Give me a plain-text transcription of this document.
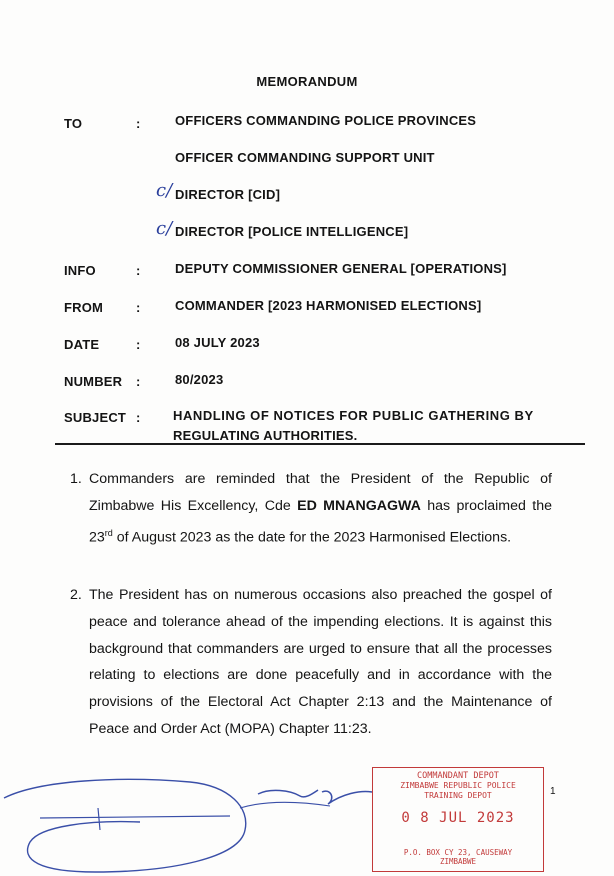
MEMORANDUM
TO	:	OFFICERS COMMANDING POLICE PROVINCES
OFFICER COMMANDING SUPPORT UNIT
c/ DIRECTOR [CID]
c/ DIRECTOR [POLICE INTELLIGENCE]
INFO	:	DEPUTY COMMISSIONER GENERAL [OPERATIONS]
FROM	:	COMMANDER [2023 HARMONISED ELECTIONS]
DATE	:	08 JULY 2023
NUMBER :	80/2023
SUBJECT : HANDLING OF NOTICES FOR PUBLIC GATHERING BY
REGULATING AUTHORITIES.
1. Commanders are reminded that the President of the Republic of Zimbabwe His Excellency, Cde ED MNANGAGWA has proclaimed the 23rd of August 2023 as the date for the 2023 Harmonised Elections.
2. The President has on numerous occasions also preached the gospel of peace and tolerance ahead of the impending elections. It is against this background that commanders are urged to ensure that all the processes relating to elections are done peacefully and in accordance with the provisions of the Electoral Act Chapter 2:13 and the Maintenance of Peace and Order Act (MOPA) Chapter 11:23.
1
COMMANDANT DEPOT
ZIMBABWE REPUBLIC POLICE
TRAINING DEPOT
0 8 JUL 2023
P.O. BOX CY 23, CAUSEWAY
ZIMBABWE
